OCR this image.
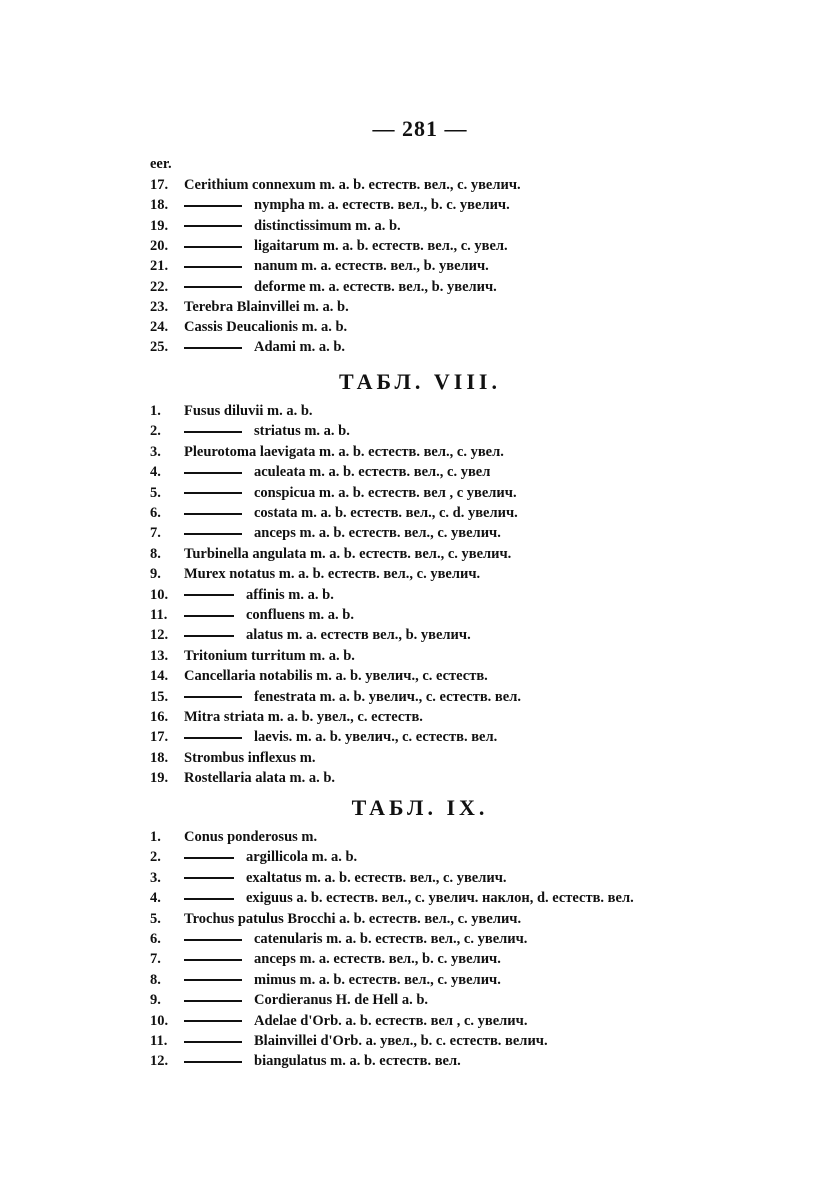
— 281 —
eer.
17. Cerithium connexum m. a. b. естеств. вел., c. увелич.
18.	nympha m. a. естеств. вел., b. c. увелич.
19.	distinctissimum m. a. b.
20.	ligaitarum m. a. b. естеств. вел., c. увел.
21.	nanum m. a. естеств. вел., b. увелич.
22.	deforme m. a. естеств. вел., b. увелич.
23. Terebra Blainvillei m. a. b.
24. Cassis Deucalionis m. a. b.
25.	Adami m. a. b.
ТАБЛ. VIII.
1. Fusus diluvii m. a. b.
2.	striatus m. a. b.
3. Pleurotoma laevigata m. a. b. естеств. вел., c. увел.
4.	aculeata m. a. b. естеств. вел., c. увел
5.	conspicua m. a. b. естеств. вел , c увелич.
6.	costata m. a. b. естеств. вел., c. d. увелич.
7.	anceps m. a. b. естеств. вел., c. увелич.
8. Turbinella angulata m. a. b. естеств. вел., c. увелич.
9. Murex notatus m. a. b. естеств. вел., c. увелич.
10.	affinis m. a. b.
11.	confluens m. a. b.
12.	alatus m. a. естеств вел., b. увелич.
13. Tritonium turritum m. a. b.
14. Cancellaria notabilis m. a. b. увелич., c. естеств.
15.	fenestrata m. a. b. увелич., c. естеств. вел.
16. Mitra striata m. a. b. увел., c. естеств.
17.	laevis. m. a. b. увелич., c. естеств. вел.
18. Strombus inflexus m.
19. Rostellaria alata m. a. b.
ТАБЛ. IX.
1. Conus ponderosus m.
2.	argillicola m. a. b.
3.	exaltatus m. a. b. естеств. вел., c. увелич.
4.	exiguus a. b. естеств. вел., c. увелич. наклон, d. естеств. вел.
5. Trochus patulus Brocchi a. b. естеств. вел., c. увелич.
6.	catenularis m. a. b. естеств. вел., c. увелич.
7.	anceps m. a. естеств. вел., b. c. увелич.
8.	mimus m. a. b. естеств. вел., c. увелич.
9.	Cordieranus H. de Hell a. b.
10.	Adelae d'Orb. a. b. естеств. вел , c. увелич.
11.	Blainvillei d'Orb. a. увел., b. c. естеств. велич.
12.	biangulatus m. a. b. естеств. вел.
